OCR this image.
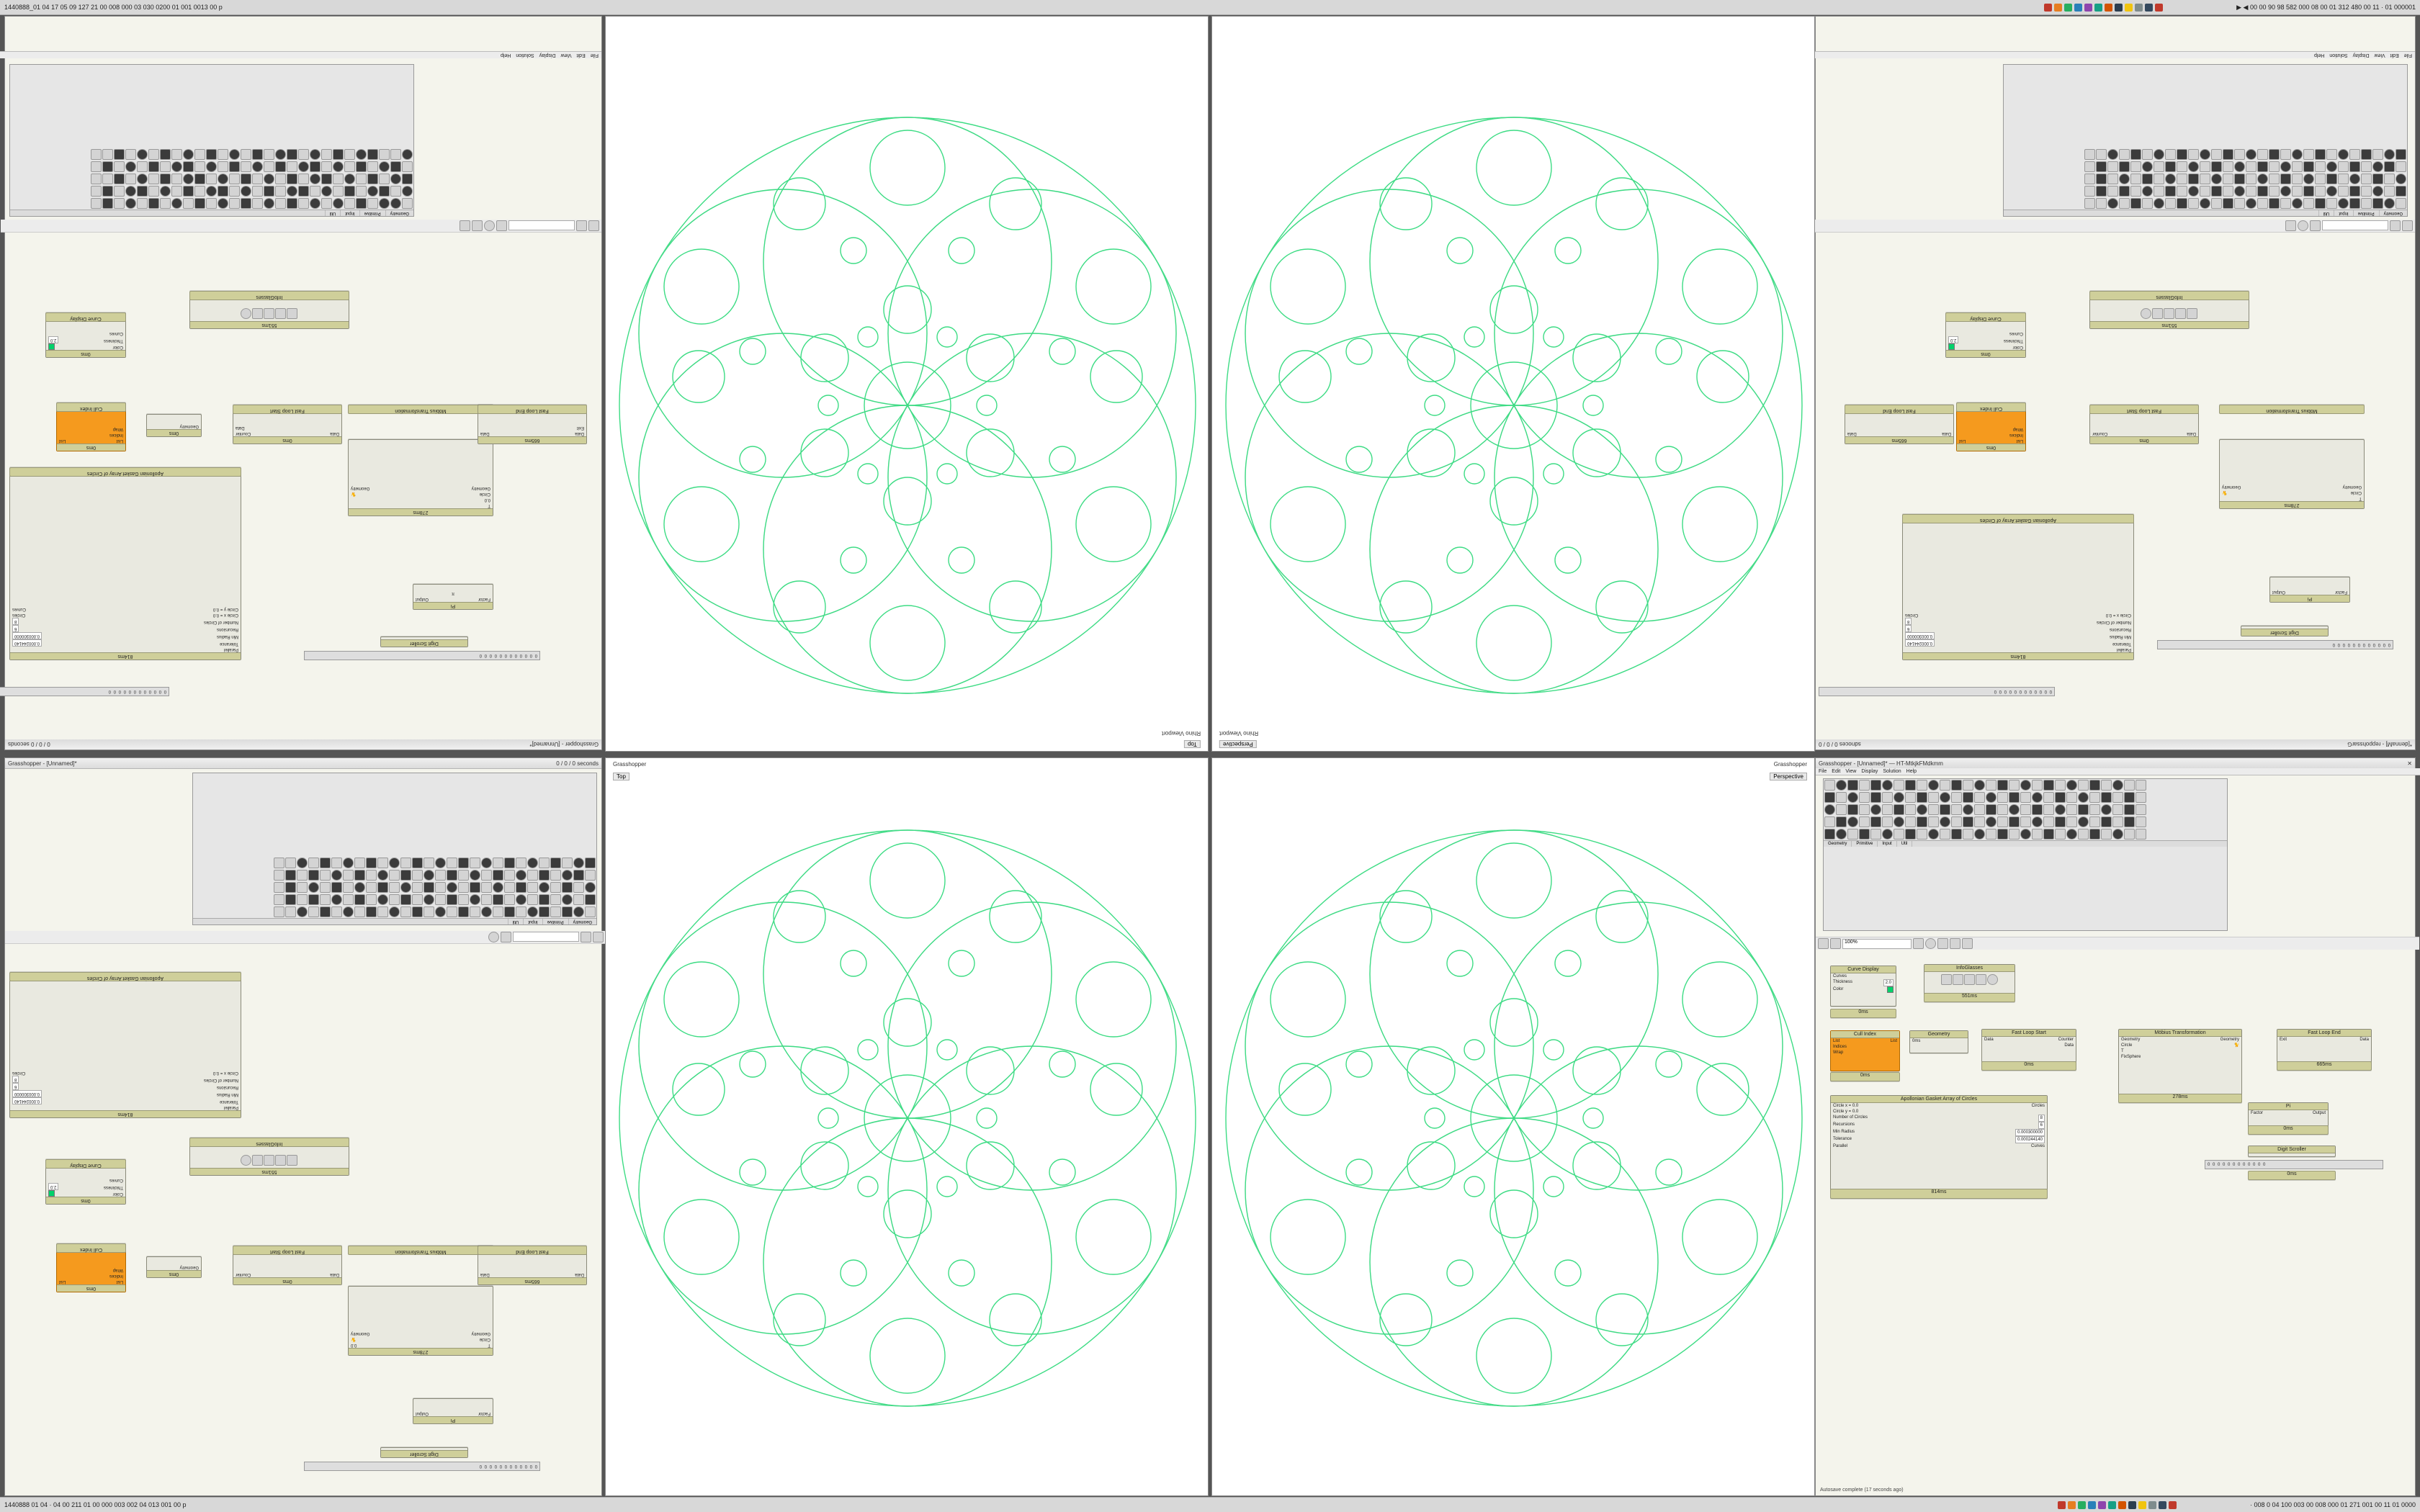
1440888_01 04 17 05 09 127 21 00 008 000 03 030 0200 01 001 0013 00 p	▶ ◀ 00 00 90 98 582 000 08 00 01 312 480 00 11 · 01 000001
Grasshopper - [Unnamed]*
0 / 0 / 0 seconds
0 0 0 0 0 0 0 0 0 0 0 0
Digit Scroller
Pi
Factor
Output
π
278ms
T
0.0
Circle
🐈
Geometry
Geometry
Möbius Transformation
0ms
Data
Counter
Data
Fast Loop Start
665ms
Data
Data
Exit
Fast Loop End
0ms
List
List
Indices
Wrap
Cull Index
0ms
Geometry
0ms
Color
Thickness
2.0
Curves
Curve Display
551ms
InfoGlasses
814ms
Parallel
Tolerance
0.000244140
Min Radius
0.000300000
Recursions
6
Number of Circles
8
Circle x = 0.0
Circles
Circle y = 0.0
Curves
Apollonian Gasket Array of Circles
0 0 0 0 0 0 0 0 0 0 0 0
Geometry
Primitive
Input
Util
File
Edit
View
Display
Solution
Help
*[dennaM] - reppohssarG
sdnoces 0 / 0 / 0
0 0 0 0 0 0 0 0 0 0 0 0
Digit Scroller
Pi
Factor
Output
278ms
T
Circle
🐈
Geometry
Geometry
Möbius Transformation
0ms
Data
Counter
Fast Loop Start
665ms
Data
Data
Fast Loop End
0ms
List
List
Indices
Wrap
Cull Index
551ms
InfoGlasses
0ms
Color
Thickness
2.0
Curves
Curve Display
814ms
Parallel
Tolerance
0.000244140
Min Radius
0.000300000
Recursions
6
Number of Circles
8
Circle x = 0.0
Circles
Apollonian Gasket Array of Circles
0 0 0 0 0 0 0 0 0 0 0 0
Geometry
Primitive
Input
Util
File
Edit
View
Display
Solution
Help
Rhino Viewport
Top
Rhino Viewport
Perspective
Grasshopper - [Unnamed]*	0 / 0 / 0 seconds
Geometry
Primitive
Input
Util
0 0 0 0 0 0 0 0 0 0 0 0
Digit Scroller
Pi
Factor
Output
278ms
T
0.0
Circle
🐈
Geometry
Geometry
Möbius Transformation
0ms
Data
Counter
Fast Loop Start
665ms
Data
Data
Fast Loop End
0ms
List
List
Indices
Wrap
Cull Index
0ms
Geometry
0ms
Color
Thickness
2.0
Curves
Curve Display
551ms
InfoGlasses
814ms
Parallel
Tolerance
0.000244140
Min Radius
0.000300000
Recursions
6
Number of Circles
8
Circle x = 0.0
Circles
Apollonian Gasket Array of Circles
Grasshopper
Top
Grasshopper
Perspective
Grasshopper - [Unnamed]* — HT-MtkjkFMdkmm	✕
File Edit View Display Solution Help
Geometry	Primitive	Input	Util
100%
Curve Display
Curves
Thickness	2.0
Color
0ms
InfoGlasses
551ms
Cull Index
List	List
Indices
Wrap
0ms
Geometry
0ms
Fast Loop Start
Data	Counter
Data
0ms
Fast Loop End
Exit	Data
665ms
Möbius Transformation
Geometry	Geometry
Circle	🐈
T
FixSphere
278ms
Apollonian Gasket Array of Circles
Circle x = 0.0	Circles
Circle y = 0.0
Number of Circles	8
Recursions	6
Min Radius	0.000300000
Tolerance	0.000244140
Parallel	Curves
814ms
Pi
Factor	Output
0ms
Digit Scroller
0 0 0 0 0 0 0 0 0 0 0 0
0ms
Autosave complete (17 seconds ago)
1440888 01 04 · 04 00 211 01 00 000 003 002 04 013 001 00 p	· 008 0 04 100 003 00 008 000 01 271 001 00 11 01 0000
